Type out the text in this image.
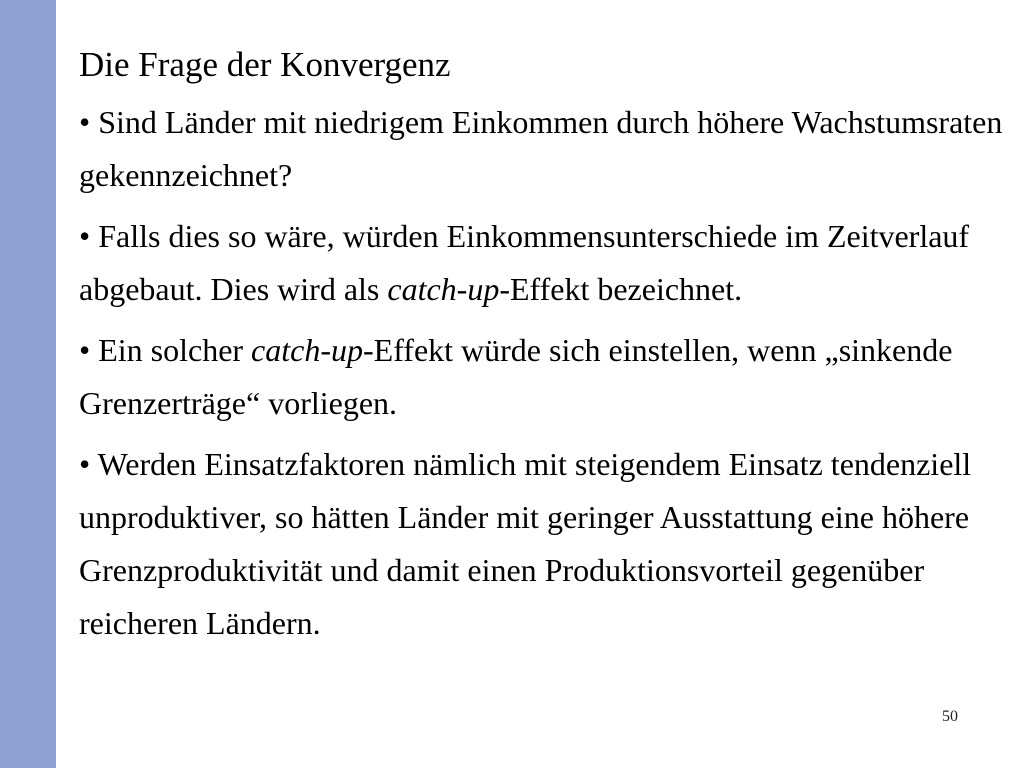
Die Frage der Konvergenz

• Sind Länder mit niedrigem Einkommen durch höhere Wachstumsraten gekennzeichnet?

• Falls dies so wäre, würden Einkommensunterschiede im Zeitverlauf abgebaut. Dies wird als catch-up-Effekt bezeichnet.

• Ein solcher catch-up-Effekt würde sich einstellen, wenn „sinkende Grenzerträge“ vorliegen.

• Werden Einsatzfaktoren nämlich mit steigendem Einsatz tendenziell unproduktiver, so hätten Länder mit geringer Ausstattung eine höhere Grenzproduktivität und damit einen Produktionsvorteil gegenüber reicheren Ländern.

50
